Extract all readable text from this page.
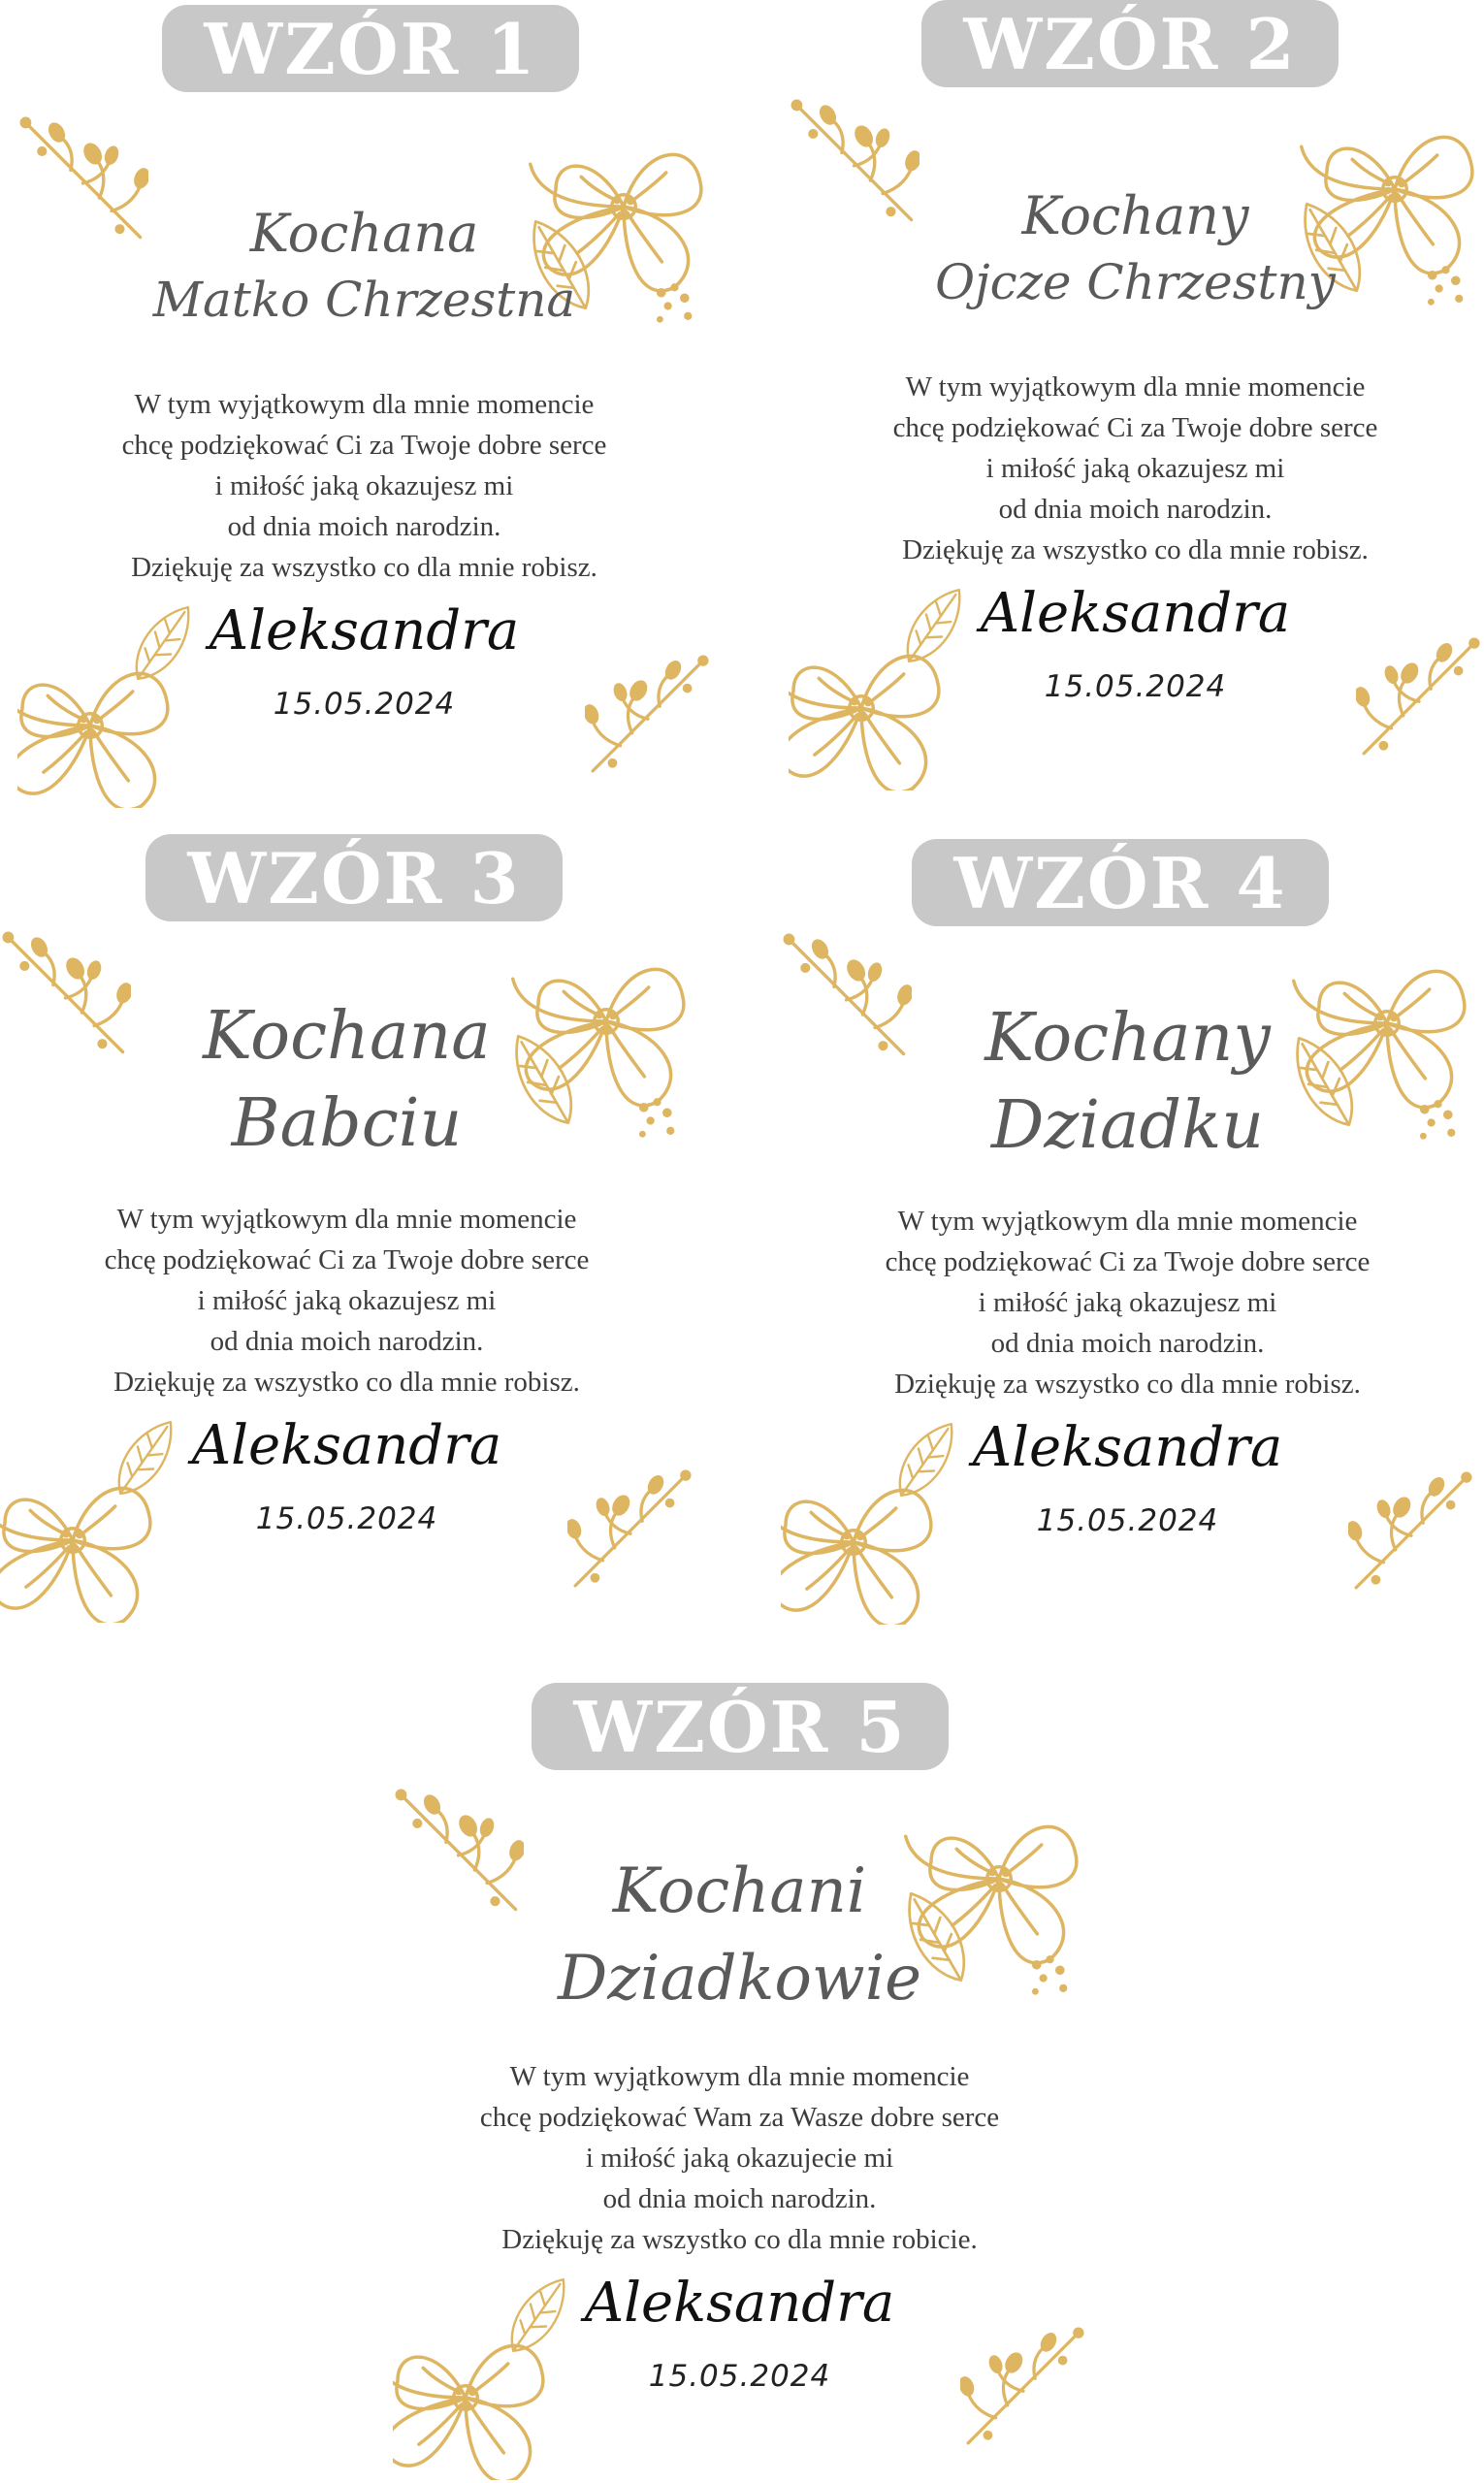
WZÓR 1	WZÓR 2
WZÓR 3	WZÓR 4
WZÓR 5
Kochana
Matko Chrzestna
W tym wyjątkowym dla mnie momencie
chcę podziękować Ci za Twoje dobre serce
i miłość jaką okazujesz mi
od dnia moich narodzin.
Dziękuję za wszystko co dla mnie robisz.
Aleksandra
15.05.2024
Kochany
Ojcze Chrzestny
W tym wyjątkowym dla mnie momencie
chcę podziękować Ci za Twoje dobre serce
i miłość jaką okazujesz mi
od dnia moich narodzin.
Dziękuję za wszystko co dla mnie robisz.
Aleksandra
15.05.2024
Kochana
Babciu
W tym wyjątkowym dla mnie momencie
chcę podziękować Ci za Twoje dobre serce
i miłość jaką okazujesz mi
od dnia moich narodzin.
Dziękuję za wszystko co dla mnie robisz.
Aleksandra
15.05.2024
Kochany
Dziadku
W tym wyjątkowym dla mnie momencie
chcę podziękować Ci za Twoje dobre serce
i miłość jaką okazujesz mi
od dnia moich narodzin.
Dziękuję za wszystko co dla mnie robisz.
Aleksandra
15.05.2024
Kochani
Dziadkowie
W tym wyjątkowym dla mnie momencie
chcę podziękować Wam za Wasze dobre serce
i miłość jaką okazujecie mi
od dnia moich narodzin.
Dziękuję za wszystko co dla mnie robicie.
Aleksandra
15.05.2024
